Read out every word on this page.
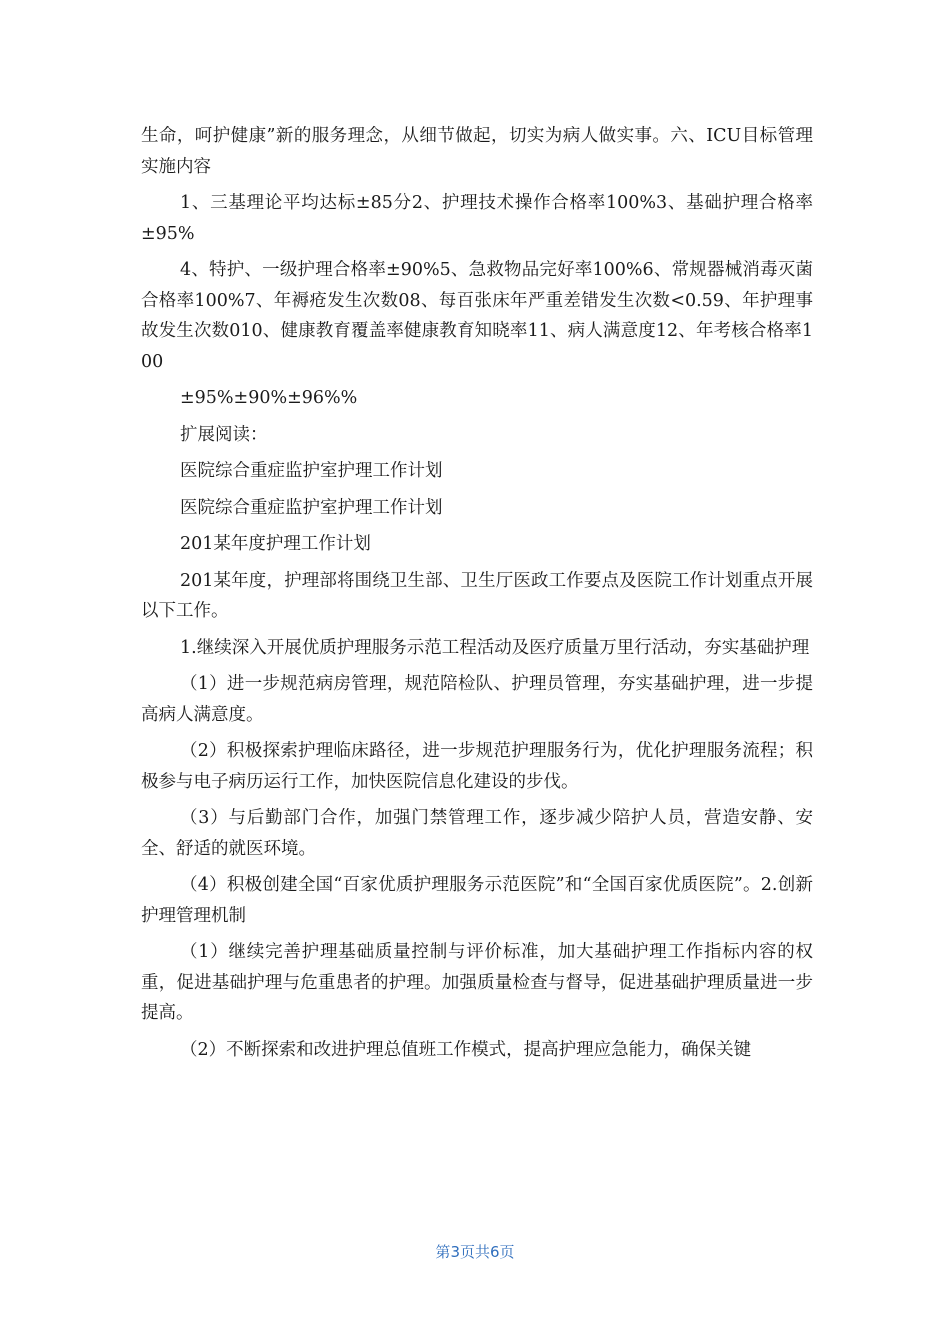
生命，呵护健康”新的服务理念，从细节做起，切实为病人做实事。六、ICU目标管理实施内容

1、三基理论平均达标±85分2、护理技术操作合格率100%3、基础护理合格率±95%

4、特护、一级护理合格率±90%5、急救物品完好率100%6、常规器械消毒灭菌合格率100%7、年褥疮发生次数08、每百张床年严重差错发生次数<0.59、年护理事故发生次数010、健康教育覆盖率健康教育知晓率11、病人满意度12、年考核合格率100

±95%±90%±96%%

扩展阅读：

医院综合重症监护室护理工作计划

医院综合重症监护室护理工作计划

201某年度护理工作计划

201某年度，护理部将围绕卫生部、卫生厅医政工作要点及医院工作计划重点开展以下工作。

1.继续深入开展优质护理服务示范工程活动及医疗质量万里行活动，夯实基础护理

（1）进一步规范病房管理，规范陪检队、护理员管理，夯实基础护理，进一步提高病人满意度。

（2）积极探索护理临床路径，进一步规范护理服务行为，优化护理服务流程；积极参与电子病历运行工作，加快医院信息化建设的步伐。

（3）与后勤部门合作，加强门禁管理工作，逐步减少陪护人员，营造安静、安全、舒适的就医环境。

（4）积极创建全国“百家优质护理服务示范医院”和“全国百家优质医院”。2.创新护理管理机制

（1）继续完善护理基础质量控制与评价标准，加大基础护理工作指标内容的权重，促进基础护理与危重患者的护理。加强质量检查与督导，促进基础护理质量进一步提高。

（2）不断探索和改进护理总值班工作模式，提高护理应急能力，确保关键

第3页共6页
